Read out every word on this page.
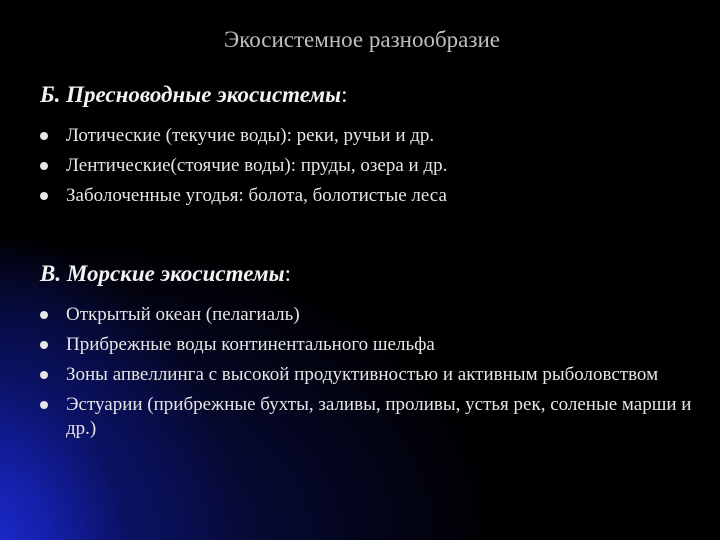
Экосистемное разнообразие
Б. Пресноводные экосистемы:
Лотические (текучие воды): реки, ручьи и др.
Лентические(стоячие воды): пруды, озера и др.
Заболоченные угодья: болота, болотистые леса
В. Морские экосистемы:
Открытый океан (пелагиаль)
Прибрежные воды континентального шельфа
Зоны апвеллинга с высокой продуктивностью и активным рыболовством
Эстуарии (прибрежные бухты, заливы, проливы, устья рек, соленые марши и др.)
